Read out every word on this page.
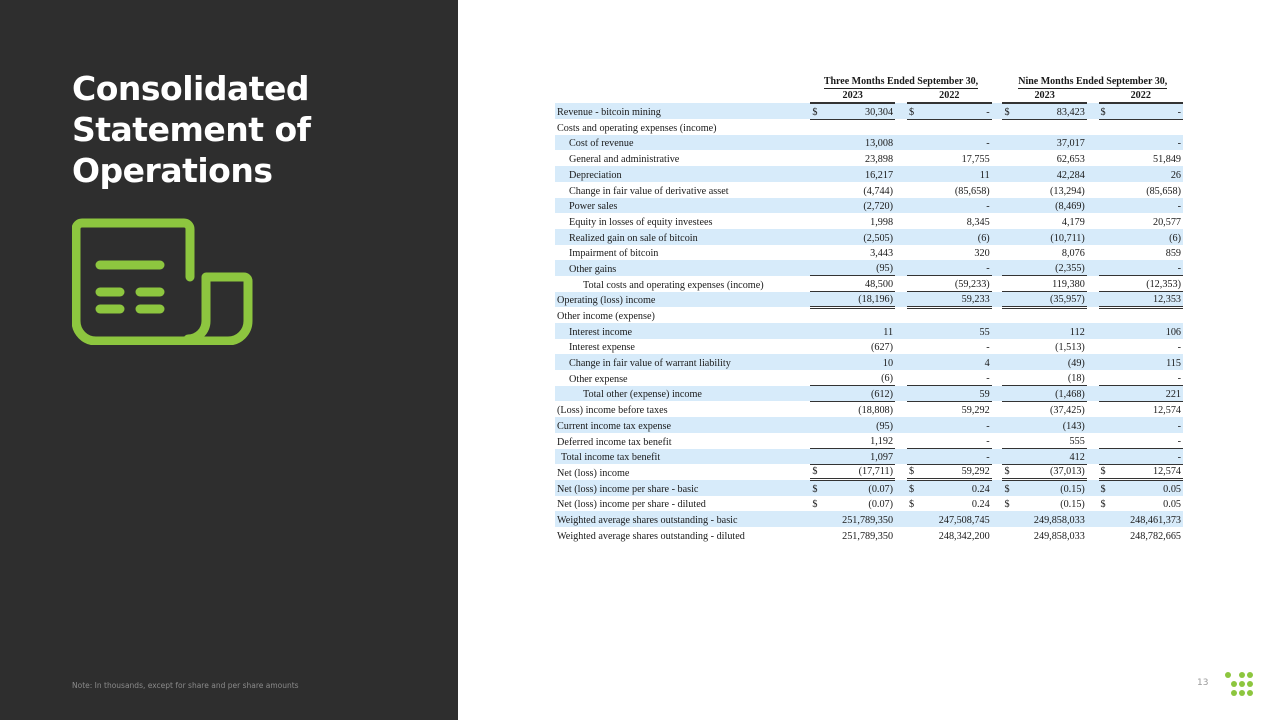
Consolidated
Statement of
Operations
Note: In thousands, except for share and per share amounts
	Three Months Ended September 30,						Nine Months Ended September 30,				
	2023			2022			2023			2022	
Revenue - bitcoin mining	$	30,304		$	-		$	83,423		$	-
Costs and operating expenses (income)											
Cost of revenue		13,008			-			37,017			-
General and administrative		23,898			17,755			62,653			51,849
Depreciation		16,217			11			42,284			26
Change in fair value of derivative asset		(4,744)			(85,658)			(13,294)			(85,658)
Power sales		(2,720)			-			(8,469)			-
Equity in losses of equity investees		1,998			8,345			4,179			20,577
Realized gain on sale of bitcoin		(2,505)			(6)			(10,711)			(6)
Impairment of bitcoin		3,443			320			8,076			859
Other gains		(95)			-			(2,355)			-
Total costs and operating expenses (income)		48,500			(59,233)			119,380			(12,353)
Operating (loss) income		(18,196)			59,233			(35,957)			12,353
Other income (expense)											
Interest income		11			55			112			106
Interest expense		(627)			-			(1,513)			-
Change in fair value of warrant liability		10			4			(49)			115
Other expense		(6)			-			(18)			-
Total other (expense) income		(612)			59			(1,468)			221
(Loss) income before taxes		(18,808)			59,292			(37,425)			12,574
Current income tax expense		(95)			-			(143)			-
Deferred income tax benefit		1,192			-			555			-
Total income tax benefit		1,097			-			412			-
Net (loss) income	$	(17,711)		$	59,292		$	(37,013)		$	12,574
Net (loss) income per share - basic	$	(0.07)		$	0.24		$	(0.15)		$	0.05
Net (loss) income per share - diluted	$	(0.07)		$	0.24		$	(0.15)		$	0.05
Weighted average shares outstanding - basic		251,789,350			247,508,745			249,858,033			248,461,373
Weighted average shares outstanding - diluted		251,789,350			248,342,200			249,858,033			248,782,665
13
